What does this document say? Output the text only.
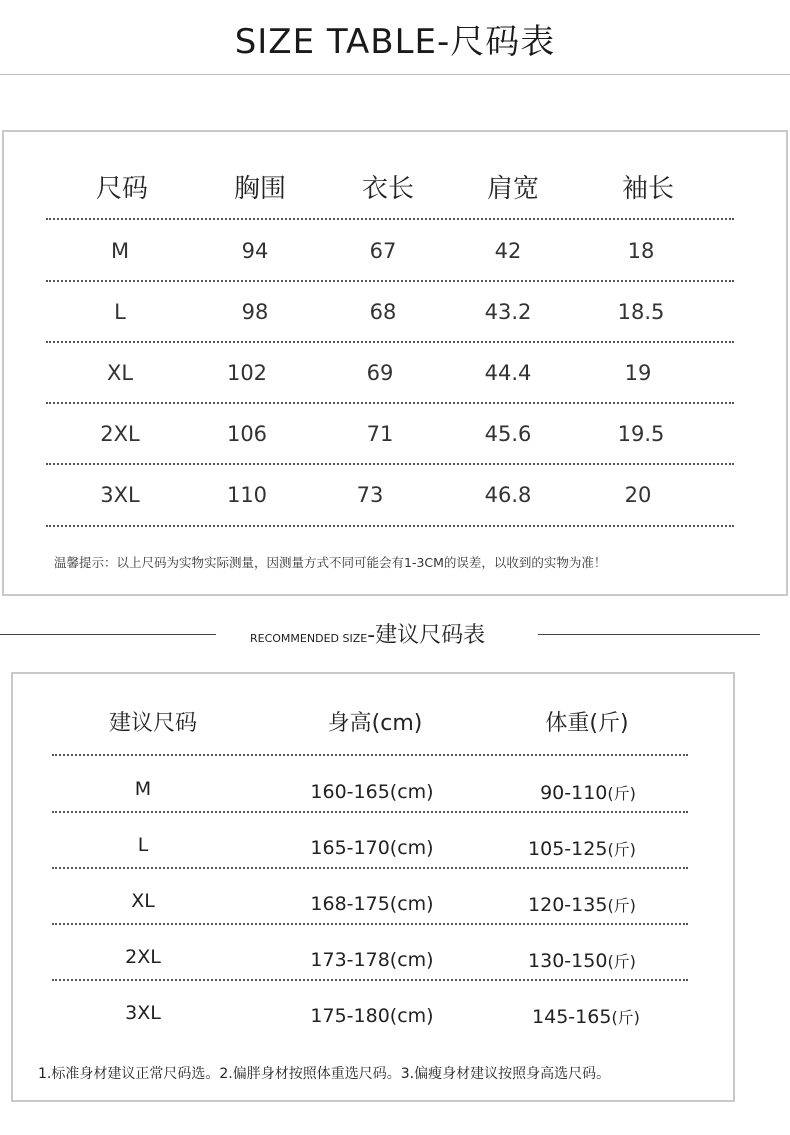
SIZE TABLE-尺码表
尺码	胸围	衣长	肩宽	袖长
M	94	67	42	18
L	98	68	43.2	18.5
XL	102	69	44.4	19
2XL	106	71	45.6	19.5
3XL	110	73	46.8	20
温馨提示：以上尺码为实物实际测量，因测量方式不同可能会有1-3CM的误差，以收到的实物为准！
RECOMMENDED SIZE-建议尺码表
建议尺码	身高(cm)	体重(斤)
M	160-165(cm)	90-110(斤)
L	165-170(cm)	105-125(斤)
XL	168-175(cm)	120-135(斤)
2XL	173-178(cm)	130-150(斤)
3XL	175-180(cm)	145-165(斤)
1.标准身材建议正常尺码选。2.偏胖身材按照体重选尺码。3.偏瘦身材建议按照身高选尺码。
